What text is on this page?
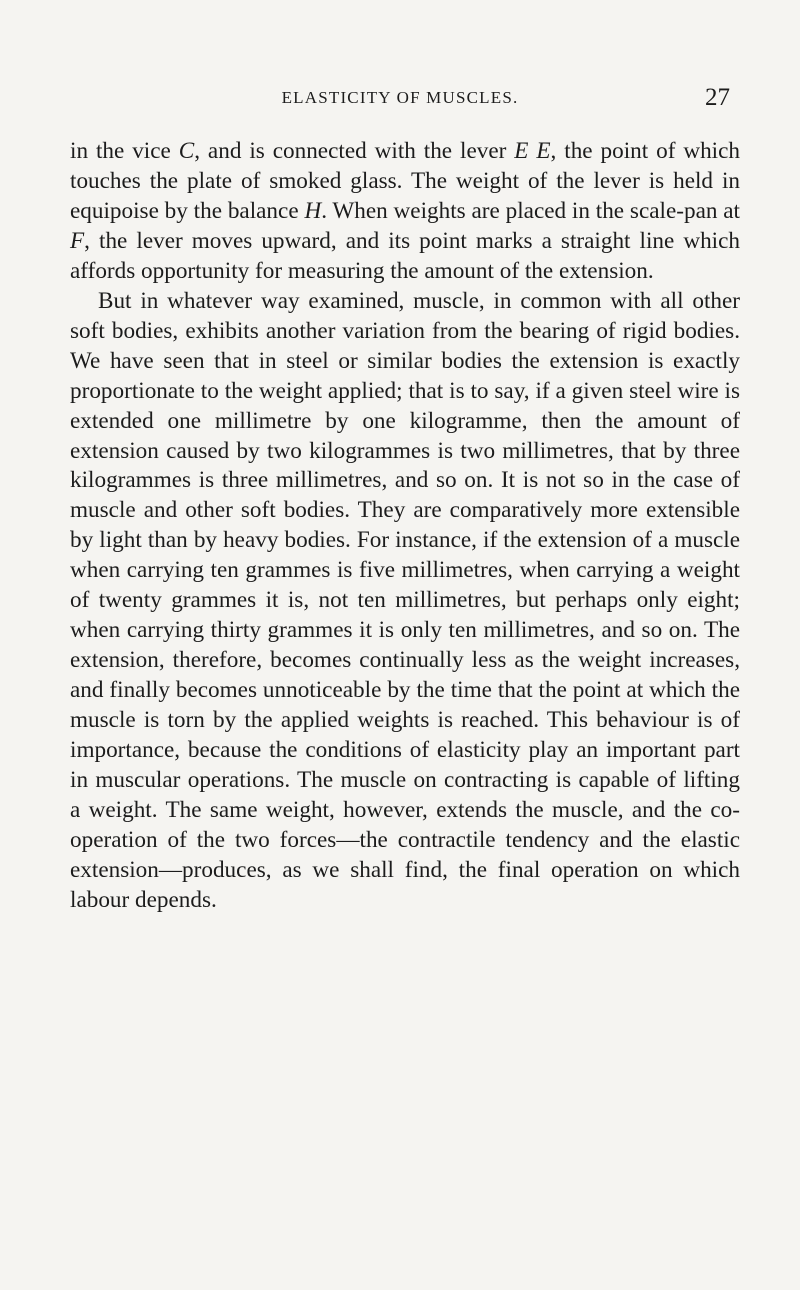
ELASTICITY OF MUSCLES.	27

in the vice C, and is connected with the lever E E, the point of which touches the plate of smoked glass. The weight of the lever is held in equipoise by the balance H. When weights are placed in the scale-pan at F, the lever moves upward, and its point marks a straight line which affords opportunity for measuring the amount of the extension.

But in whatever way examined, muscle, in common with all other soft bodies, exhibits another variation from the bearing of rigid bodies. We have seen that in steel or similar bodies the extension is exactly proportionate to the weight applied; that is to say, if a given steel wire is extended one millimetre by one kilogramme, then the amount of extension caused by two kilogrammes is two millimetres, that by three kilogrammes is three millimetres, and so on. It is not so in the case of muscle and other soft bodies. They are comparatively more extensible by light than by heavy bodies. For instance, if the extension of a muscle when carrying ten grammes is five millimetres, when carrying a weight of twenty grammes it is, not ten millimetres, but perhaps only eight; when carrying thirty grammes it is only ten millimetres, and so on. The extension, therefore, becomes continually less as the weight increases, and finally becomes unnoticeable by the time that the point at which the muscle is torn by the applied weights is reached. This behaviour is of importance, because the conditions of elasticity play an important part in muscular operations. The muscle on contracting is capable of lifting a weight. The same weight, however, extends the muscle, and the co-operation of the two forces—the contractile tendency and the elastic extension—produces, as we shall find, the final operation on which labour depends.
